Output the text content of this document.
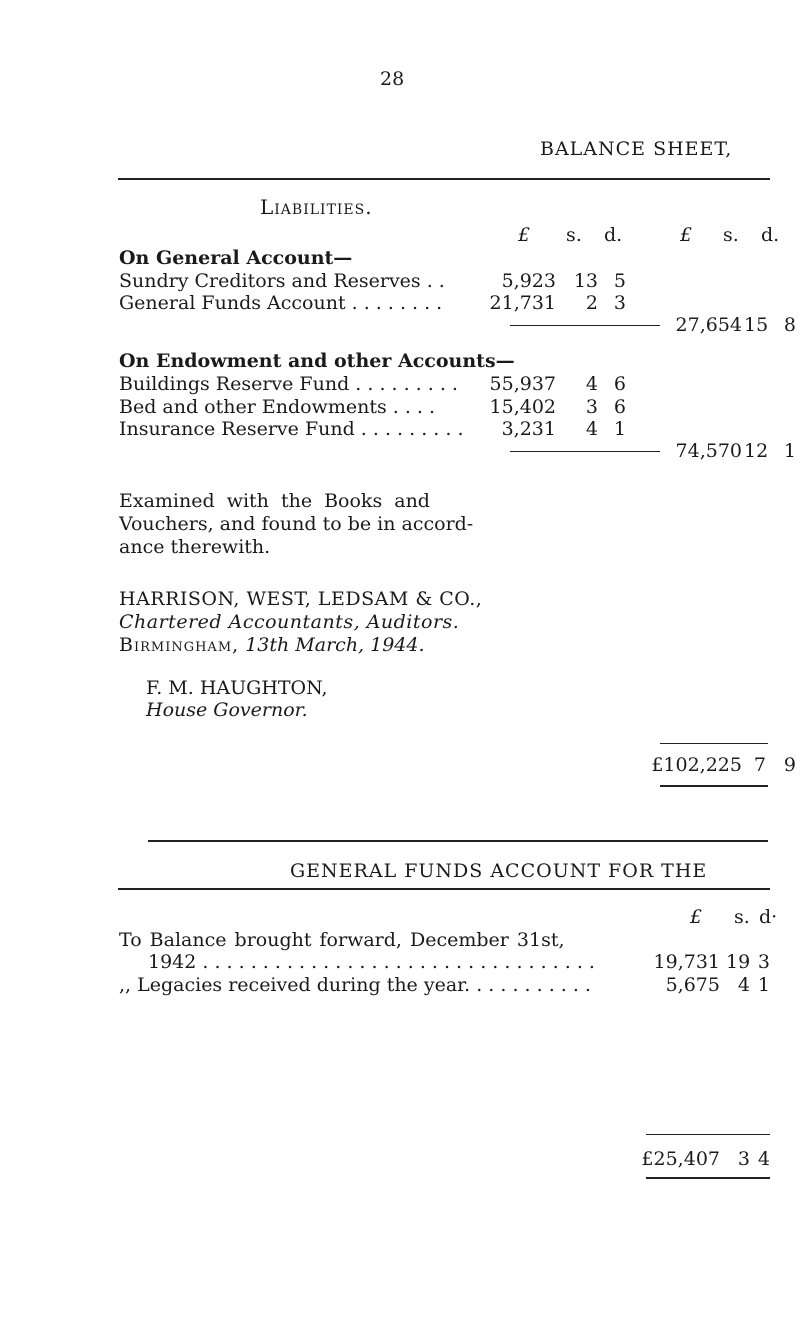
28
BALANCE SHEET,
Liabilities.
£ s. d.	£ s. d.
On General Account—
Sundry Creditors and Reserves . .	5,923 13 5
General Funds Account . . . . . . . .	21,731	2 3
27,654 15 8
On Endowment and other Accounts—
Buildings Reserve Fund . . . . . . . . .	55,937	4 6
Bed and other Endowments . . . .	15,402	3 6
Insurance Reserve Fund . . . . . . . . .	3,231	4 1
74,570 12 1
Examined with the Books and
Vouchers, and found to be in accord-
ance therewith.
HARRISON, WEST, LEDSAM & CO.,
Chartered Accountants, Auditors.
Birmingham, 13th March, 1944.
F. M. HAUGHTON,
House Governor.
£102,225 7 9
GENERAL FUNDS ACCOUNT FOR THE
£ s. d·
To Balance brought forward, December 31st,
1942 . . . . . . . . . . . . . . . . . . . . . . . . . . . . . . . . .	19,731 19 3
,, Legacies received during the year. . . . . . . . . . .	5,675 4 1
£25,407 3 4
